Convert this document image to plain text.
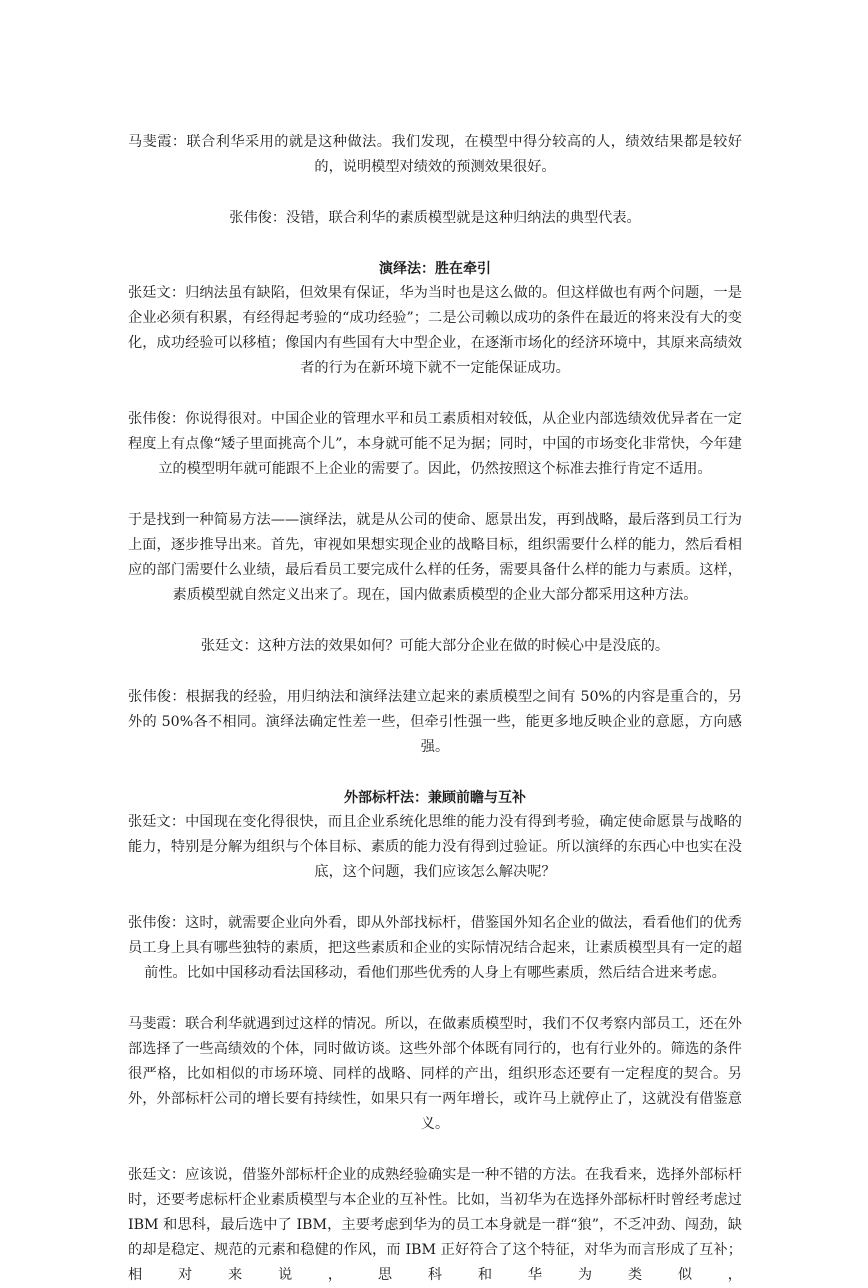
马斐霞：联合利华采用的就是这种做法。我们发现，在模型中得分较高的人，绩效结果都是较好的，说明模型对绩效的预测效果很好。

张伟俊：没错，联合利华的素质模型就是这种归纳法的典型代表。

演绎法：胜在牵引

张廷文：归纳法虽有缺陷，但效果有保证，华为当时也是这么做的。但这样做也有两个问题，一是企业必须有积累，有经得起考验的“成功经验”；二是公司赖以成功的条件在最近的将来没有大的变化，成功经验可以移植；像国内有些国有大中型企业，在逐渐市场化的经济环境中，其原来高绩效者的行为在新环境下就不一定能保证成功。

张伟俊：你说得很对。中国企业的管理水平和员工素质相对较低，从企业内部选绩效优异者在一定程度上有点像“矮子里面挑高个儿”，本身就可能不足为据；同时，中国的市场变化非常快，今年建立的模型明年就可能跟不上企业的需要了。因此，仍然按照这个标准去推行肯定不适用。

于是找到一种简易方法——演绎法，就是从公司的使命、愿景出发，再到战略，最后落到员工行为上面，逐步推导出来。首先，审视如果想实现企业的战略目标，组织需要什么样的能力，然后看相应的部门需要什么业绩，最后看员工要完成什么样的任务，需要具备什么样的能力与素质。这样，素质模型就自然定义出来了。现在，国内做素质模型的企业大部分都采用这种方法。

张廷文：这种方法的效果如何？可能大部分企业在做的时候心中是没底的。

张伟俊：根据我的经验，用归纳法和演绎法建立起来的素质模型之间有 50%的内容是重合的，另外的 50%各不相同。演绎法确定性差一些，但牵引性强一些，能更多地反映企业的意愿，方向感强。

外部标杆法：兼顾前瞻与互补

张廷文：中国现在变化得很快，而且企业系统化思维的能力没有得到考验，确定使命愿景与战略的能力，特别是分解为组织与个体目标、素质的能力没有得到过验证。所以演绎的东西心中也实在没底，这个问题，我们应该怎么解决呢？

张伟俊：这时，就需要企业向外看，即从外部找标杆，借鉴国外知名企业的做法，看看他们的优秀员工身上具有哪些独特的素质，把这些素质和企业的实际情况结合起来，让素质模型具有一定的超前性。比如中国移动看法国移动，看他们那些优秀的人身上有哪些素质，然后结合进来考虑。

马斐霞：联合利华就遇到过这样的情况。所以，在做素质模型时，我们不仅考察内部员工，还在外部选择了一些高绩效的个体，同时做访谈。这些外部个体既有同行的，也有行业外的。筛选的条件很严格，比如相似的市场环境、同样的战略、同样的产出，组织形态还要有一定程度的契合。另外，外部标杆公司的增长要有持续性，如果只有一两年增长，或许马上就停止了，这就没有借鉴意义。

张廷文：应该说，借鉴外部标杆企业的成熟经验确实是一种不错的方法。在我看来，选择外部标杆时，还要考虑标杆企业素质模型与本企业的互补性。比如，当初华为在选择外部标杆时曾经考虑过 IBM 和思科，最后选中了 IBM，主要考虑到华为的员工本身就是一群“狼”，不乏冲劲、闯劲，缺的却是稳定、规范的元素和稳健的作风，而 IBM 正好符合了这个特征，对华为而言形成了互补；相对来说，思科和华为类似，
